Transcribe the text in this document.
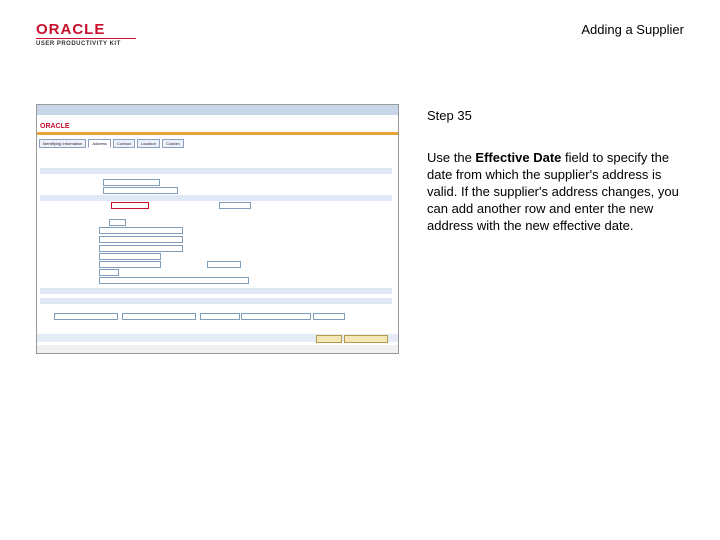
ORACLE
USER PRODUCTIVITY KIT
Adding a Supplier
ORACLE
Identifying Information	Address	Contact	Location	Custom
Step 35
Use the Effective Date field to specify the date from which the supplier's address is valid. If the supplier's address changes, you can add another row and enter the new address with the new effective date.
